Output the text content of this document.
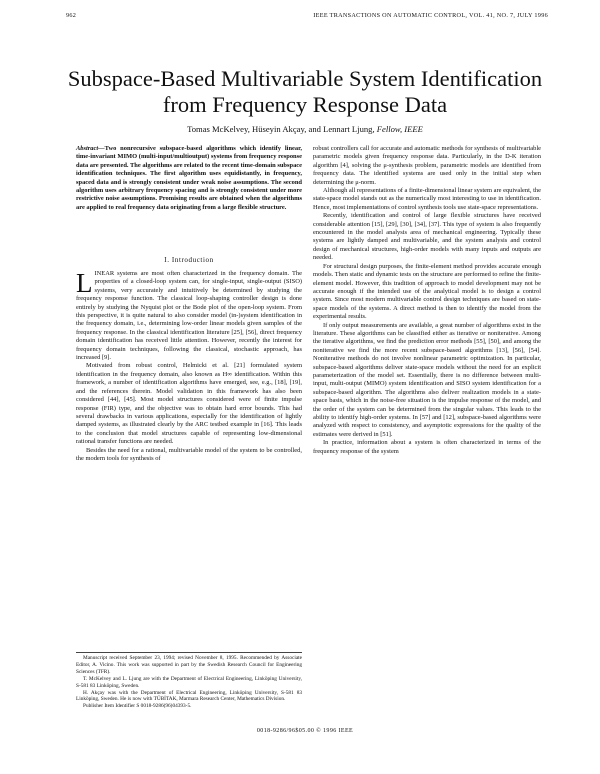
962	IEEE TRANSACTIONS ON AUTOMATIC CONTROL, VOL. 41, NO. 7, JULY 1996
Subspace-Based Multivariable System Identification from Frequency Response Data
Tomas McKelvey, Hüseyin Akçay, and Lennart Ljung, Fellow, IEEE
Abstract—Two nonrecursive subspace-based algorithms which identify linear, time-invariant MIMO (multi-input/multioutput) systems from frequency response data are presented. The algorithms are related to the recent time-domain subspace identification techniques. The first algorithm uses equidistantly, in frequency, spaced data and is strongly consistent under weak noise assumptions. The second algorithm uses arbitrary frequency spacing and is strongly consistent under more restrictive noise assumptions. Promising results are obtained when the algorithms are applied to real frequency data originating from a large flexible structure.
I. Introduction

LINEAR systems are most often characterized in the frequency domain. The properties of a closed-loop system can, for single-input, single-output (SISO) systems, very accurately and intuitively be determined by studying the frequency response function. The classical loop-shaping controller design is done entirely by studying the Nyquist plot or the Bode plot of the open-loop system. From this perspective, it is quite natural to also consider model (in-)system identification in the frequency domain, i.e., determining low-order linear models given samples of the frequency response. In the classical identification literature [25], [56], direct frequency domain identification has received little attention. However, recently the interest for frequency domain techniques, following the classical, stochastic approach, has increased [9].

Motivated from robust control, Helmicki et al. [21] formulated system identification in the frequency domain, also known as H∞ identification. Within this framework, a number of identification algorithms have emerged, see, e.g., [18], [19], and the references therein. Model validation in this framework has also been considered [44], [45]. Most model structures considered were of finite impulse response (FIR) type, and the objective was to obtain hard error bounds. This had several drawbacks in various applications, especially for the identification of lightly damped systems, as illustrated clearly by the ARC testbed example in [16]. This leads to the conclusion that model structures capable of representing low-dimensional rational transfer functions are needed.

Besides the need for a rational, multivariable model of the system to be controlled, the modern tools for synthesis of

Manuscript received September 23, 1994; revised November 8, 1995. Recommended by Associate Editor, A. Vicino. This work was supported in part by the Swedish Research Council for Engineering Sciences (TFR).

T. McKelvey and L. Ljung are with the Department of Electrical Engineering, Linköping University, S-581 83 Linköping, Sweden.

H. Akçay was with the Department of Electrical Engineering, Linköping University, S-581 83 Linköping, Sweden. He is now with TÜBİTAK, Marmara Research Center, Mathematics Division.

Publisher Item Identifier S 0018-9286(96)04393-5.

robust controllers call for accurate and automatic methods for synthesis of multivariable parametric models given frequency response data. Particularly, in the D-K iteration algorithm [4], solving the μ-synthesis problem, parametric models are identified from frequency data. The identified systems are used only in the initial step when determining the μ-norm.

Although all representations of a finite-dimensional linear system are equivalent, the state-space model stands out as the numerically most interesting to use in identification. Hence, most implementations of control synthesis tools use state-space representations.

Recently, identification and control of large flexible structures have received considerable attention [15], [29], [30], [34], [37]. This type of system is also frequently encountered in the model analysis area of mechanical engineering. Typically these systems are lightly damped and multivariable, and the system analysis and control design of mechanical structures, high-order models with many inputs and outputs are needed.

For structural design purposes, the finite-element method provides accurate enough models. Then static and dynamic tests on the structure are performed to refine the finite-element model. However, this tradition of approach to model development may not be accurate enough if the intended use of the analytical model is to design a control system. Since most modern multivariable control design techniques are based on state-space models of the systems. A direct method is then to identify the model from the experimental results.

If only output measurements are available, a great number of algorithms exist in the literature. These algorithms can be classified either as iterative or noniterative. Among the iterative algorithms, we find the prediction error methods [55], [50], and among the noniterative we find the more recent subspace-based algorithms [13], [56], [54]. Noniterative methods do not involve nonlinear parametric optimization. In particular, subspace-based algorithms deliver state-space models without the need for an explicit parameterization of the model set. Essentially, there is no difference between multi-input, multi-output (MIMO) system identification and SISO system identification for a subspace-based algorithm. The algorithms also deliver realization models in a state-space basis, which in the noise-free situation is the impulse response of the model, and the order of the system can be determined from the singular values. This leads to the ability to identify high-order systems. In [57] and [12], subspace-based algorithms were analyzed with respect to consistency, and asymptotic expressions for the quality of the estimates were derived in [51].

In practice, information about a system is often characterized in terms of the frequency response of the system

0018-9286/96$05.00 © 1996 IEEE
